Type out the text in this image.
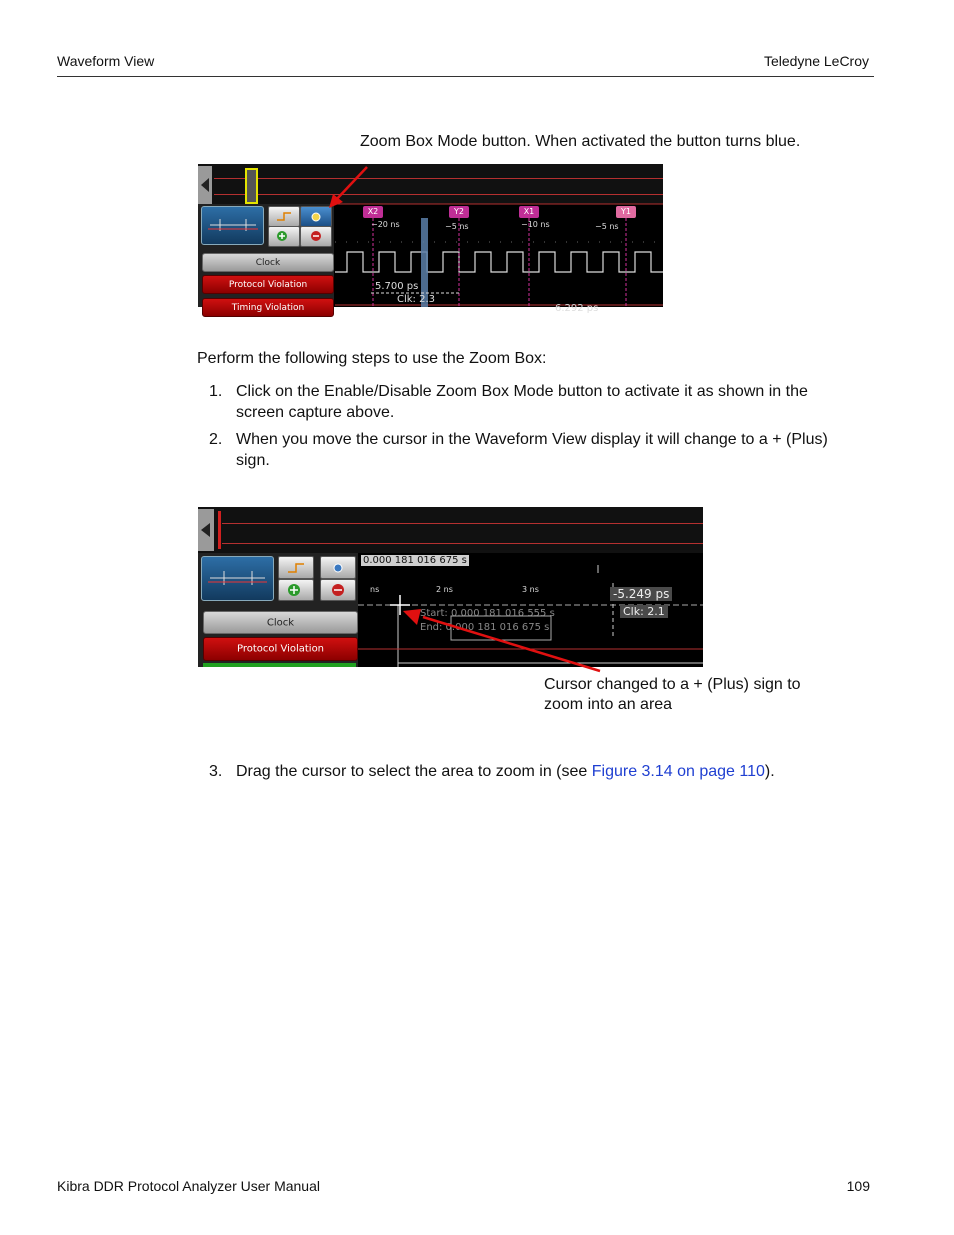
Waveform View	Teledyne LeCroy
Zoom Box Mode button. When activated the button turns blue.
Clock
Protocol Violation
Timing Violation
X2	Y2	X1	Y1
−20 ns	−5 ns	−10 ns	−5 ns
5.700 ps
Clk: 2.3
6.292 ps
Perform the following steps to use the Zoom Box:
1. Click on the Enable/Disable Zoom Box Mode button to activate it as shown in the
screen capture above.
2. When you move the cursor in the Waveform View display it will change to a + (Plus)
sign.
Clock
Protocol Violation
0.000 181 016 675 s
ns	2 ns	3 ns
Start: 0.000 181 016 555 s
End: 0.000 181 016 675 s
-5.249 ps
Clk: 2.1
Cursor changed to a + (Plus) sign to
zoom into an area
3. Drag the cursor to select the area to zoom in (see Figure 3.14 on page 110).
Kibra DDR Protocol Analyzer User Manual	109
